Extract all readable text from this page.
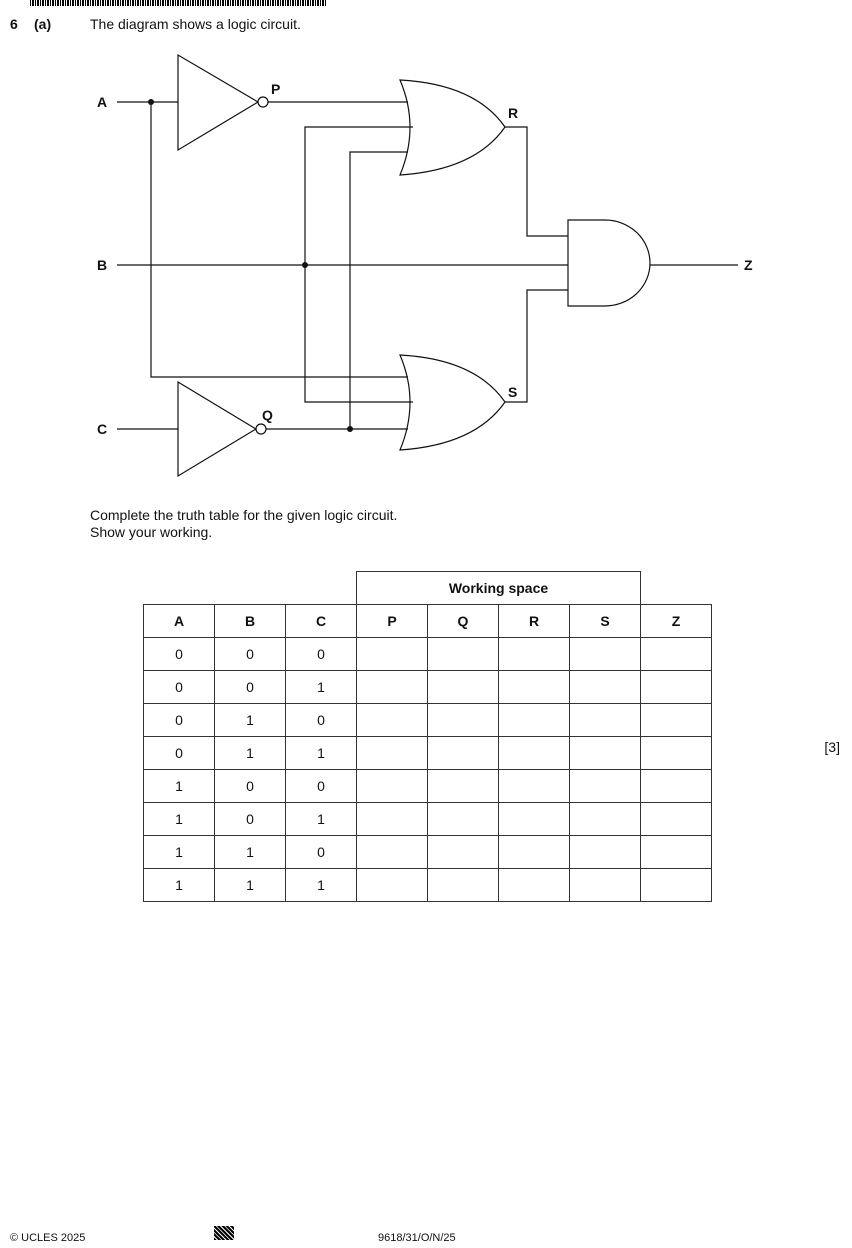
6 (a)	The diagram shows a logic circuit.
A
B
C
P
Q
R
S
Z
Complete the truth table for the given logic circuit.
Show your working.
			Working space				
A	B	C	P	Q	R	S	Z
0	0	0					
0	0	1					
0	1	0					
0	1	1					
1	0	0					
1	0	1					
1	1	0					
1	1	1					
[3]
© UCLES 2025	9618/31/O/N/25
